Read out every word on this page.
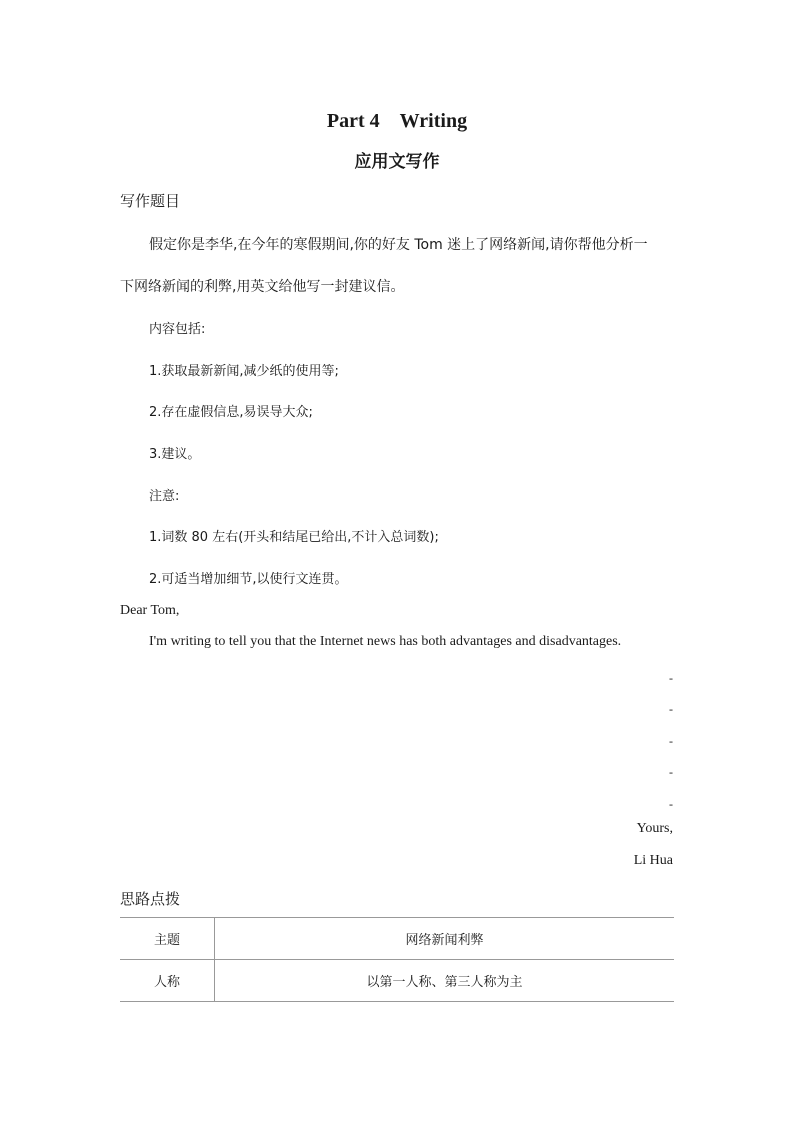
Part 4　Writing
应用文写作
写作题目
假定你是李华,在今年的寒假期间,你的好友 Tom 迷上了网络新闻,请你帮他分析一
下网络新闻的利弊,用英文给他写一封建议信。
内容包括:
1.获取最新新闻,减少纸的使用等;
2.存在虚假信息,易误导大众;
3.建议。
注意:
1.词数 80 左右(开头和结尾已给出,不计入总词数);
2.可适当增加细节,以使行文连贯。
Dear Tom,
I'm writing to tell you that the Internet news has both advantages and disadvantages.
-
-
-
-
-
Yours,
Li Hua
思路点拨
主题	网络新闻利弊
人称	以第一人称、第三人称为主
